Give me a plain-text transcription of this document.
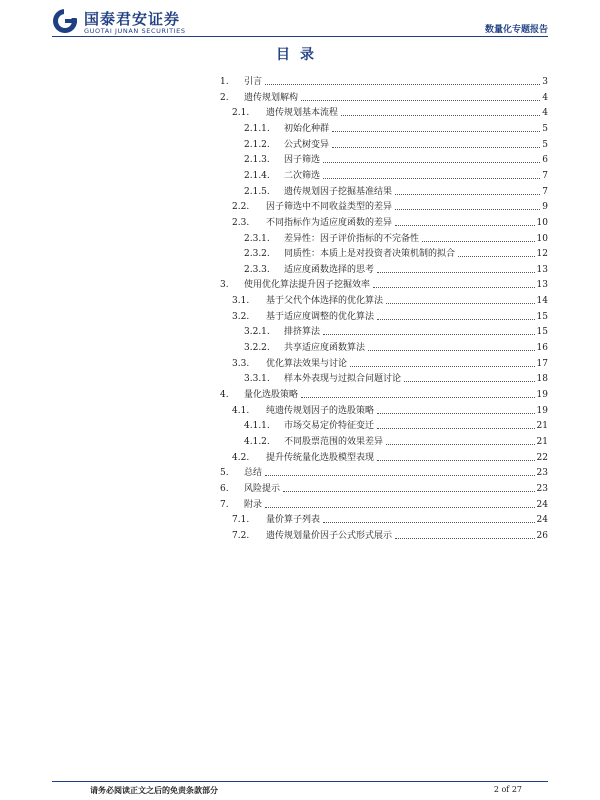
国泰君安证券
GUOTAI JUNAN SECURITIES	数量化专题报告
目录
1.	引言	3
2.	遗传规划解构	4
2.1.	遗传规划基本流程	4
2.1.1.	初始化种群	5
2.1.2.	公式树变异	5
2.1.3.	因子筛选	6
2.1.4.	二次筛选	7
2.1.5.	遗传规划因子挖掘基准结果	7
2.2.	因子筛选中不同收益类型的差异	9
2.3.	不同指标作为适应度函数的差异	10
2.3.1.	差异性：因子评价指标的不完备性	10
2.3.2.	同质性：本质上是对投资者决策机制的拟合	12
2.3.3.	适应度函数选择的思考	13
3.	使用优化算法提升因子挖掘效率	13
3.1.	基于父代个体选择的优化算法	14
3.2.	基于适应度调整的优化算法	15
3.2.1.	排挤算法	15
3.2.2.	共享适应度函数算法	16
3.3.	优化算法效果与讨论	17
3.3.1.	样本外表现与过拟合问题讨论	18
4.	量化选股策略	19
4.1.	纯遗传规划因子的选股策略	19
4.1.1.	市场交易定价特征变迁	21
4.1.2.	不同股票范围的效果差异	21
4.2.	提升传统量化选股模型表现	22
5.	总结	23
6.	风险提示	23
7.	附录	24
7.1.	量价算子列表	24
7.2.	遗传规划量价因子公式形式展示	26
请务必阅读正文之后的免责条款部分	2 of 27
